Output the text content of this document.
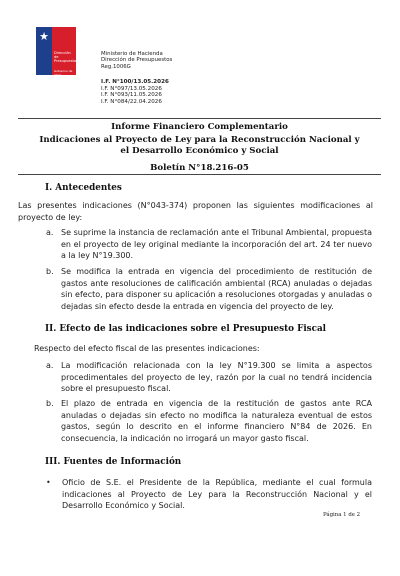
★
Dirección de
Presupuestos
Gobierno de Chile
Ministerio de Hacienda
Dirección de Presupuestos
Reg.1006G
I.F. N°100/13.05.2026
I.F. N°097/13.05.2026
I.F. N°093/11.05.2026
I.F. N°084/22.04.2026
Informe Financiero Complementario
Indicaciones al Proyecto de Ley para la Reconstrucción Nacional y el Desarrollo Económico y Social
Boletín N°18.216-05
I. Antecedentes
Las presentes indicaciones (N°043-374) proponen las siguientes modificaciones al proyecto de ley:
a. Se suprime la instancia de reclamación ante el Tribunal Ambiental, propuesta en el proyecto de ley original mediante la incorporación del art. 24 ter nuevo a la ley N°19.300.
b. Se modifica la entrada en vigencia del procedimiento de restitución de gastos ante resoluciones de calificación ambiental (RCA) anuladas o dejadas sin efecto, para disponer su aplicación a resoluciones otorgadas y anuladas o dejadas sin efecto desde la entrada en vigencia del proyecto de ley.
II. Efecto de las indicaciones sobre el Presupuesto Fiscal
Respecto del efecto fiscal de las presentes indicaciones:
a. La modificación relacionada con la ley N°19.300 se limita a aspectos procedimentales del proyecto de ley, razón por la cual no tendrá incidencia sobre el presupuesto fiscal.
b. El plazo de entrada en vigencia de la restitución de gastos ante RCA anuladas o dejadas sin efecto no modifica la naturaleza eventual de estos gastos, según lo descrito en el informe financiero N°84 de 2026. En consecuencia, la indicación no irrogará un mayor gasto fiscal.
III. Fuentes de Información
• Oficio de S.E. el Presidente de la República, mediante el cual formula indicaciones al Proyecto de Ley para la Reconstrucción Nacional y el Desarrollo Económico y Social.
Página 1 de 2
